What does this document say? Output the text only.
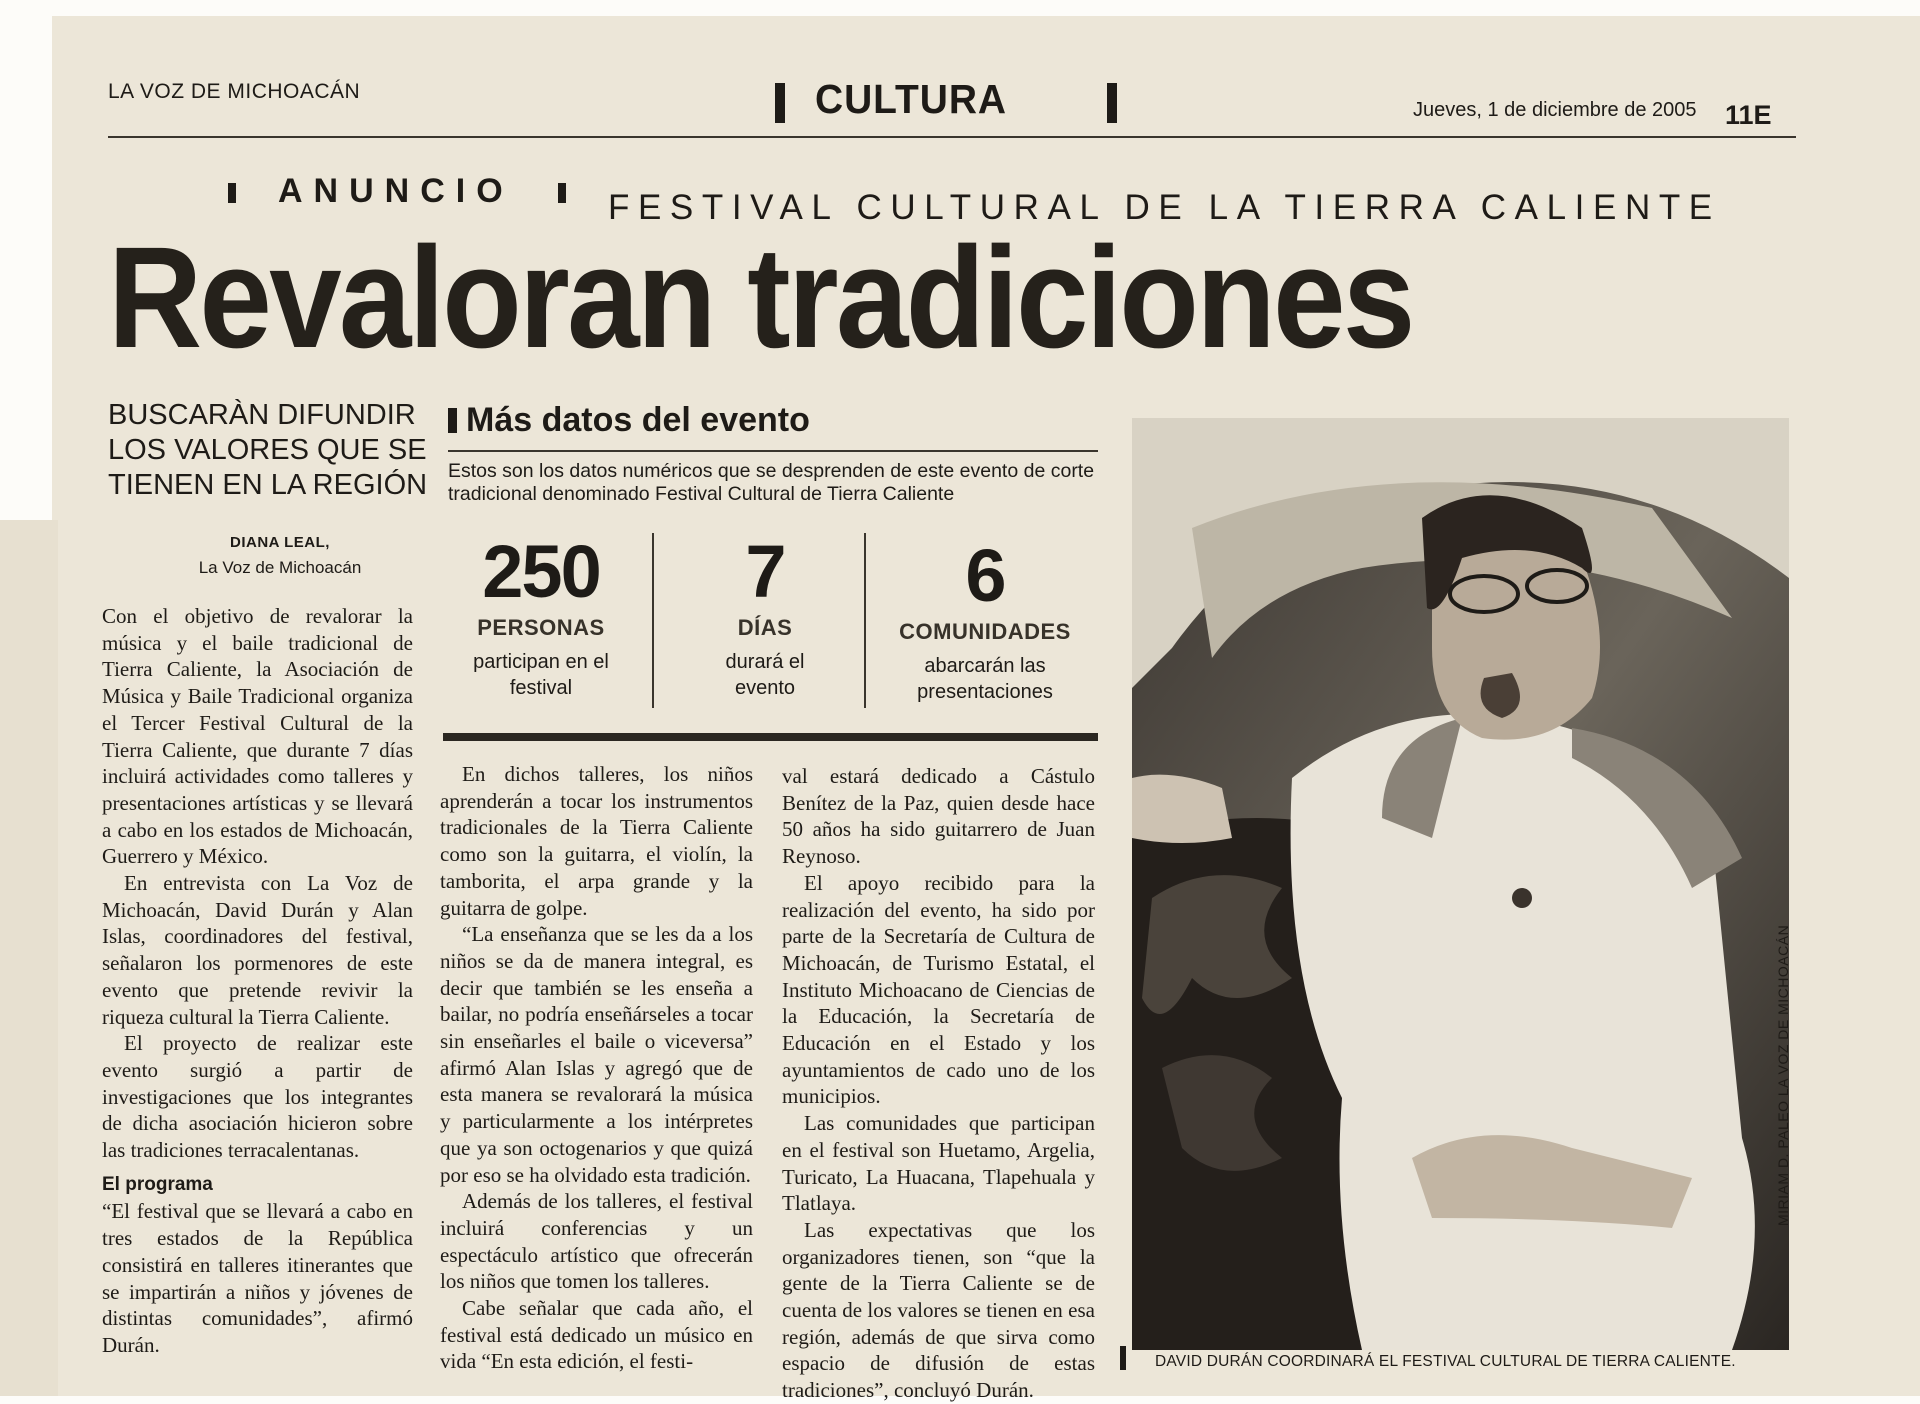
LA VOZ DE MICHOACÁN	CULTURA	Jueves, 1 de diciembre de 2005 11E
ANUNCIO	FESTIVAL CULTURAL DE LA TIERRA CALIENTE
Revaloran tradiciones
BUSCARÀN DIFUNDIR LOS VALORES QUE SE TIENEN EN LA REGIÓN
DIANA LEAL,
La Voz de Michoacán

Con el objetivo de revalorar la música y el baile tradicional de Tierra Caliente, la Asociación de Música y Baile Tradicional organiza el Tercer Festival Cultural de la Tierra Caliente, que durante 7 días incluirá actividades como talleres y presentaciones artísticas y se llevará a cabo en los estados de Michoacán, Guerrero y México.

En entrevista con La Voz de Michoacán, David Durán y Alan Islas, coordinadores del festival, señalaron los pormenores de este evento que pretende revivir la riqueza cultural la Tierra Caliente.

El proyecto de realizar este evento surgió a partir de investigaciones que los integrantes de dicha asociación hicieron sobre las tradiciones terracalentanas.

El programa

“El festival que se llevará a cabo en tres estados de la República consistirá en talleres itinerantes que se impartirán a niños y jóvenes de distintas comunidades”, afirmó Durán.

Más datos del evento
Estos son los datos numéricos que se desprenden de este evento de corte tradicional denominado Festival Cultural de Tierra Caliente
250
PERSONAS
participan en el festival
7
DÍAS
durará el evento
6
COMUNIDADES
abarcarán las presentaciones

En dichos talleres, los niños aprenderán a tocar los instrumentos tradicionales de la Tierra Caliente como son la guitarra, el violín, la tamborita, el arpa grande y la guitarra de golpe.

“La enseñanza que se les da a los niños se da de manera integral, es decir que también se les enseña a bailar, no podría enseñárseles a tocar sin enseñarles el baile o viceversa” afirmó Alan Islas y agregó que de esta manera se revalorará la música y particularmente a los intérpretes que ya son octogenarios y que quizá por eso se ha olvidado esta tradición.

Además de los talleres, el festival incluirá conferencias y un espectáculo artístico que ofrecerán los niños que tomen los talleres.

Cabe señalar que cada año, el festival está dedicado un músico en vida “En esta edición, el festi-

val estará dedicado a Cástulo Benítez de la Paz, quien desde hace 50 años ha sido guitarrero de Juan Reynoso.

El apoyo recibido para la realización del evento, ha sido por parte de la Secretaría de Cultura de Michoacán, de Turismo Estatal, el Instituto Michoacano de Ciencias de la Educación, la Secretaría de Educación en el Estado y los ayuntamientos de cado uno de los municipios.

Las comunidades que participan en el festival son Huetamo, Argelia, Turicato, La Huacana, Tlapehuala y Tlatlaya.

Las expectativas que los organizadores tienen, son “que la gente de la Tierra Caliente se de cuenta de los valores se tienen en esa región, además de que sirva como espacio de difusión de estas tradiciones”, concluyó Durán.

MIRIAM D. PALEO LA VOZ DE MICHOACÁN
DAVID DURÁN COORDINARÁ EL FESTIVAL CULTURAL DE TIERRA CALIENTE.
